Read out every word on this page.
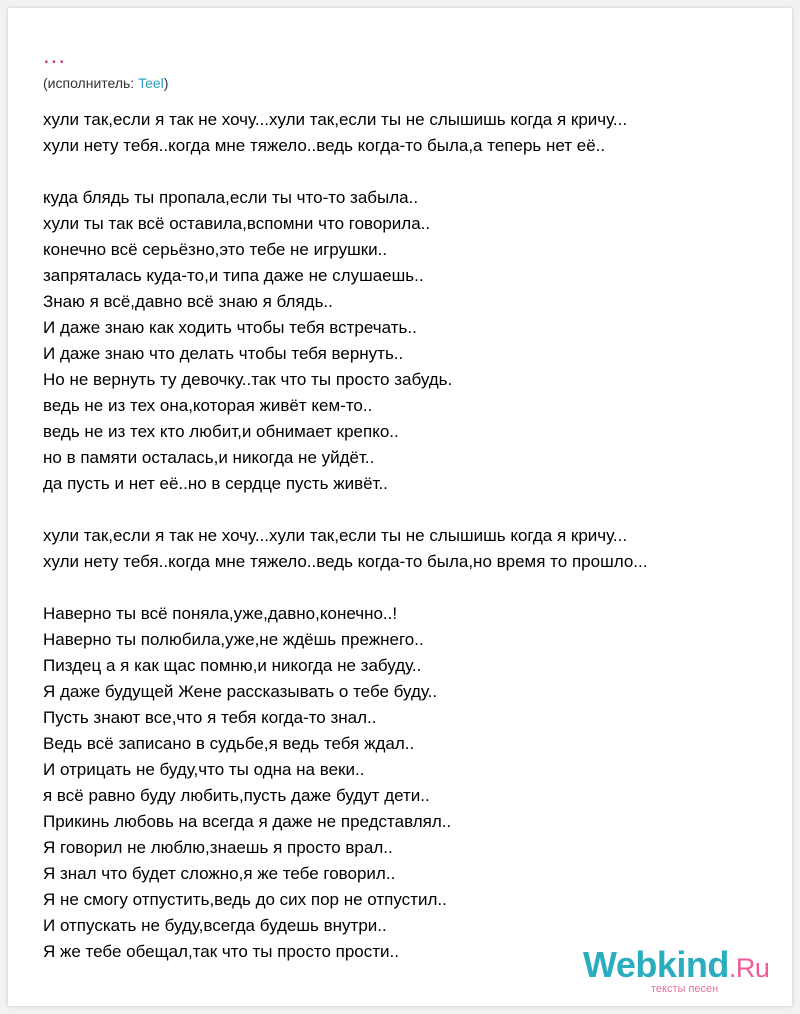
...
(исполнитель: Teel)
хули так,если я так не хочу...хули так,если ты не слышишь когда я кричу...
хули нету тебя..когда мне тяжело..ведь когда-то была,а теперь нет её..
куда блядь ты пропала,если ты что-то забыла..
хули ты так всё оставила,вспомни что говорила..
конечно всё серьёзно,это тебе не игрушки..
запряталась куда-то,и типа даже не слушаешь..
Знаю я всё,давно всё знаю я блядь..
И даже знаю как ходить чтобы тебя встречать..
И даже знаю что делать чтобы тебя вернуть..
Но не вернуть ту девочку..так что ты просто забудь.
ведь не из тех она,которая живёт кем-то..
ведь не из тех кто любит,и обнимает крепко..
но в памяти осталась,и никогда не уйдёт..
да пусть и нет её..но в сердце пусть живёт..
хули так,если я так не хочу...хули так,если ты не слышишь когда я кричу...
хули нету тебя..когда мне тяжело..ведь когда-то была,но время то прошло...
Наверно ты всё поняла,уже,давно,конечно..!
Наверно ты полюбила,уже,не ждёшь прежнего..
Пиздец а я как щас помню,и никогда не забуду..
Я даже будущей Жене рассказывать о тебе буду..
Пусть знают все,что я тебя когда-то знал..
Ведь всё записано в судьбе,я ведь тебя ждал..
И отрицать не буду,что ты одна на веки..
я всё равно буду любить,пусть даже будут дети..
Прикинь любовь на всегда я даже не представлял..
Я говорил не люблю,знаешь я просто врал..
Я знал что будет сложно,я же тебе говорил..
Я не смогу отпустить,ведь до сих пор не отпустил..
И отпускать не буду,всегда будешь внутри..
Я же тебе обещал,так что ты просто прости..	Webkind.Ru
тексты песен
